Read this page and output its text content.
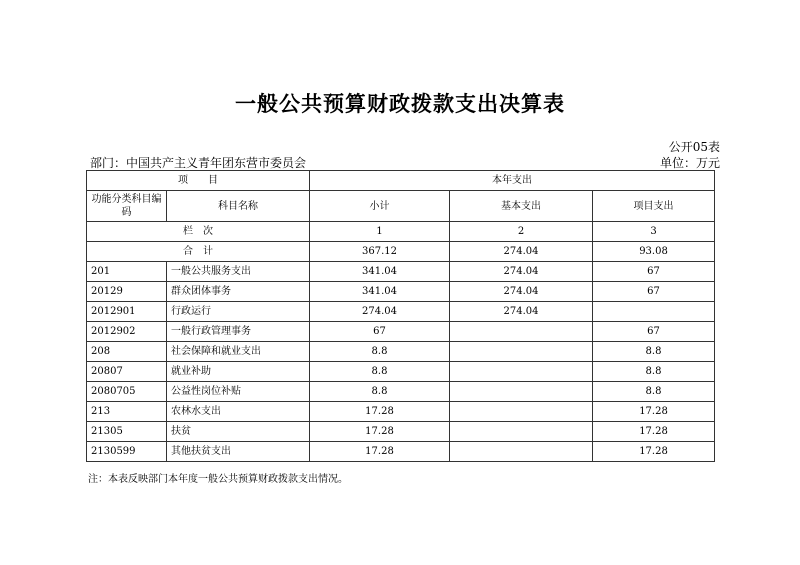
一般公共预算财政拨款支出决算表
公开05表
部门：中国共产主义青年团东营市委员会	单位：万元
项　　目		本年支出		
功能分类科目编码	科目名称	小计	基本支出	项目支出
栏　次		1	2	3
合　计		367.12	274.04	93.08
201	一般公共服务支出	341.04	274.04	67
20129	群众团体事务	341.04	274.04	67
2012901	行政运行	274.04	274.04	
2012902	一般行政管理事务	67		67
208	社会保障和就业支出	8.8		8.8
20807	就业补助	8.8		8.8
2080705	公益性岗位补贴	8.8		8.8
213	农林水支出	17.28		17.28
21305	扶贫	17.28		17.28
2130599	其他扶贫支出	17.28		17.28
注：本表反映部门本年度一般公共预算财政拨款支出情况。
